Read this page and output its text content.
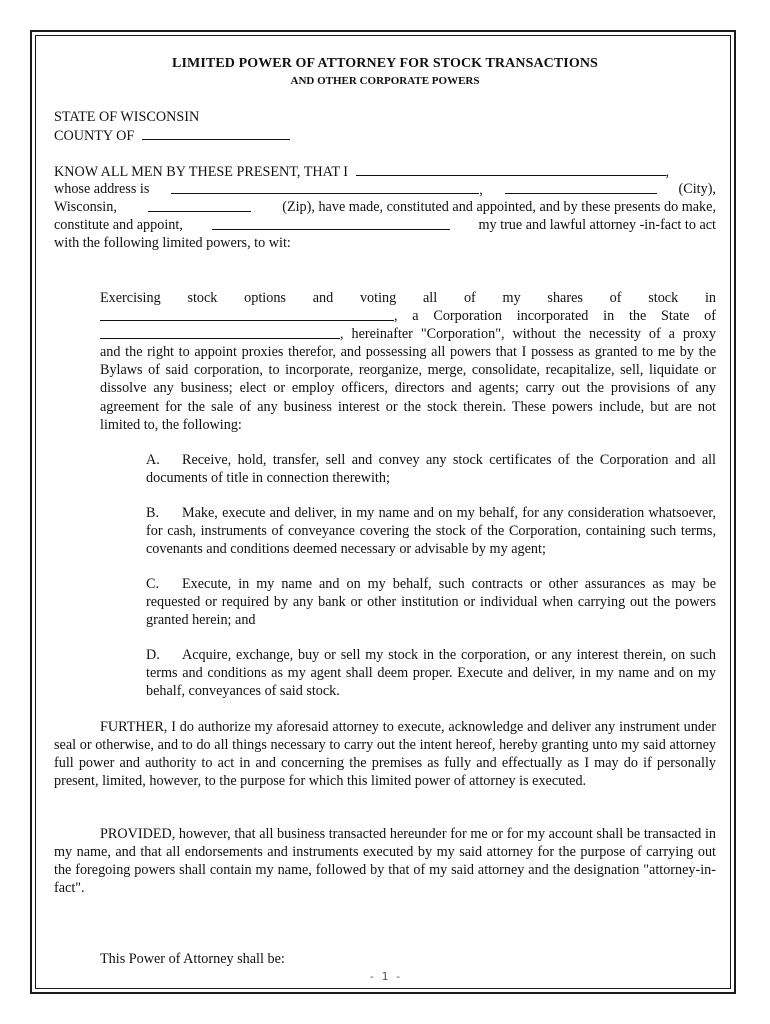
LIMITED POWER OF ATTORNEY FOR STOCK TRANSACTIONS
AND OTHER CORPORATE POWERS
STATE OF WISCONSIN
COUNTY OF
KNOW ALL MEN BY THESE PRESENT, THAT I	,
whose address is	,	(City),
Wisconsin,	(Zip), have made, constituted and appointed, and by these presents do make,
constitute and appoint,	my true and lawful attorney -in-fact to act
with the following limited powers, to wit:
Exercising stock options and voting all of my shares of stock in
, a Corporation incorporated in the State of
, hereinafter "Corporation", without the necessity of a proxy
and the right to appoint proxies therefor, and possessing all powers that I possess as granted to me by the Bylaws of said corporation, to incorporate, reorganize, merge, consolidate, recapitalize, sell, liquidate or dissolve any business; elect or employ officers, directors and agents; carry out the provisions of any agreement for the sale of any business interest or the stock therein. These powers include, but are not limited to, the following:
A. Receive, hold, transfer, sell and convey any stock certificates of the Corporation and all documents of title in connection therewith;
B. Make, execute and deliver, in my name and on my behalf, for any consideration whatsoever, for cash, instruments of conveyance covering the stock of the Corporation, containing such terms, covenants and conditions deemed necessary or advisable by my agent;
C. Execute, in my name and on my behalf, such contracts or other assurances as may be requested or required by any bank or other institution or individual when carrying out the powers granted herein; and
D. Acquire, exchange, buy or sell my stock in the corporation, or any interest therein, on such terms and conditions as my agent shall deem proper. Execute and deliver, in my name and on my behalf, conveyances of said stock.
FURTHER, I do authorize my aforesaid attorney to execute, acknowledge and deliver any instrument under seal or otherwise, and to do all things necessary to carry out the intent hereof, hereby granting unto my said attorney full power and authority to act in and concerning the premises as fully and effectually as I may do if personally present, limited, however, to the purpose for which this limited power of attorney is executed.
PROVIDED, however, that all business transacted hereunder for me or for my account shall be transacted in my name, and that all endorsements and instruments executed by my said attorney for the purpose of carrying out the foregoing powers shall contain my name, followed by that of my said attorney and the designation "attorney-in-fact".
This Power of Attorney shall be:
- 1 -
